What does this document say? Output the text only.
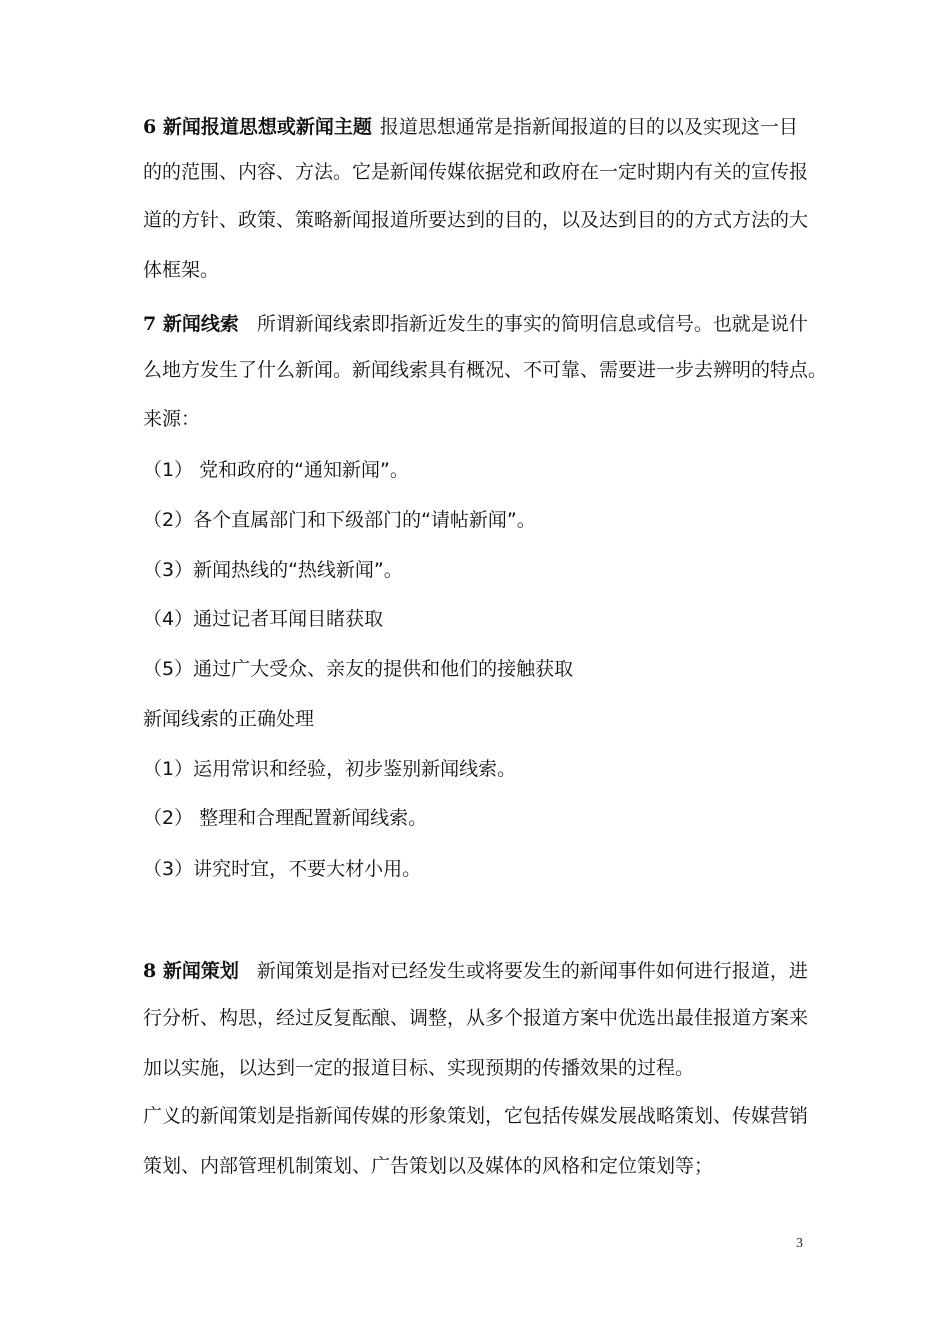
6 新闻报道思想或新闻主题 报道思想通常是指新闻报道的目的以及实现这一目
的的范围、内容、方法。它是新闻传媒依据党和政府在一定时期内有关的宣传报
道的方针、政策、策略新闻报道所要达到的目的，以及达到目的的方式方法的大
体框架。
7 新闻线索 所谓新闻线索即指新近发生的事实的简明信息或信号。也就是说什
么地方发生了什么新闻。新闻线索具有概况、不可靠、需要进一步去辨明的特点。
来源：
（1） 党和政府的“通知新闻”。
（2）各个直属部门和下级部门的“请帖新闻”。
（3）新闻热线的“热线新闻”。
（4）通过记者耳闻目睹获取
（5）通过广大受众、亲友的提供和他们的接触获取
新闻线索的正确处理
（1）运用常识和经验，初步鉴别新闻线索。
（2） 整理和合理配置新闻线索。
（3）讲究时宜，不要大材小用。
8 新闻策划 新闻策划是指对已经发生或将要发生的新闻事件如何进行报道，进
行分析、构思，经过反复酝酿、调整，从多个报道方案中优选出最佳报道方案来
加以实施，以达到一定的报道目标、实现预期的传播效果的过程。
广义的新闻策划是指新闻传媒的形象策划，它包括传媒发展战略策划、传媒营销
策划、内部管理机制策划、广告策划以及媒体的风格和定位策划等；
3
